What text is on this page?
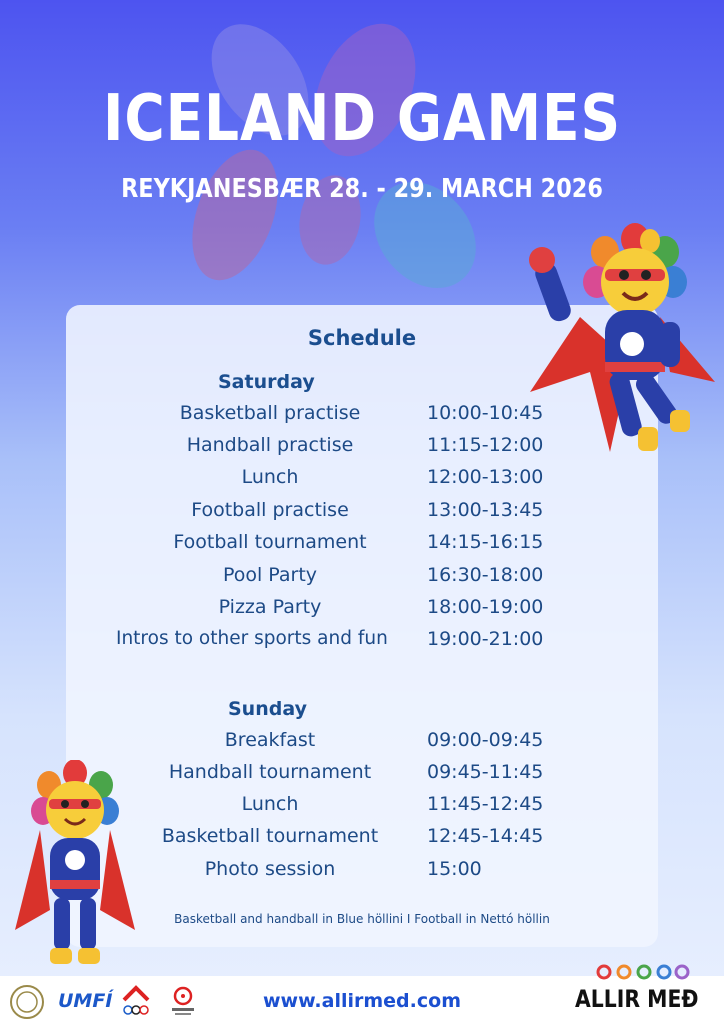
ICELAND GAMES
REYKJANESBÆR 28. - 29. MARCH 2026
Schedule
Saturday
Basketball practise	10:00-10:45
Handball practise	11:15-12:00
Lunch	12:00-13:00
Football practise	13:00-13:45
Football tournament	14:15-16:15
Pool Party	16:30-18:00
Pizza Party	18:00-19:00
Intros to other sports and fun 19:00-21:00
Sunday
Breakfast	09:00-09:45
Handball tournament	09:45-11:45
Lunch	11:45-12:45
Basketball tournament	12:45-14:45
Photo session	15:00
Basketball and handball in Blue höllini I Football in Nettó höllin
UMFÍ	www.allirmed.com	ALLIR MEÐ
